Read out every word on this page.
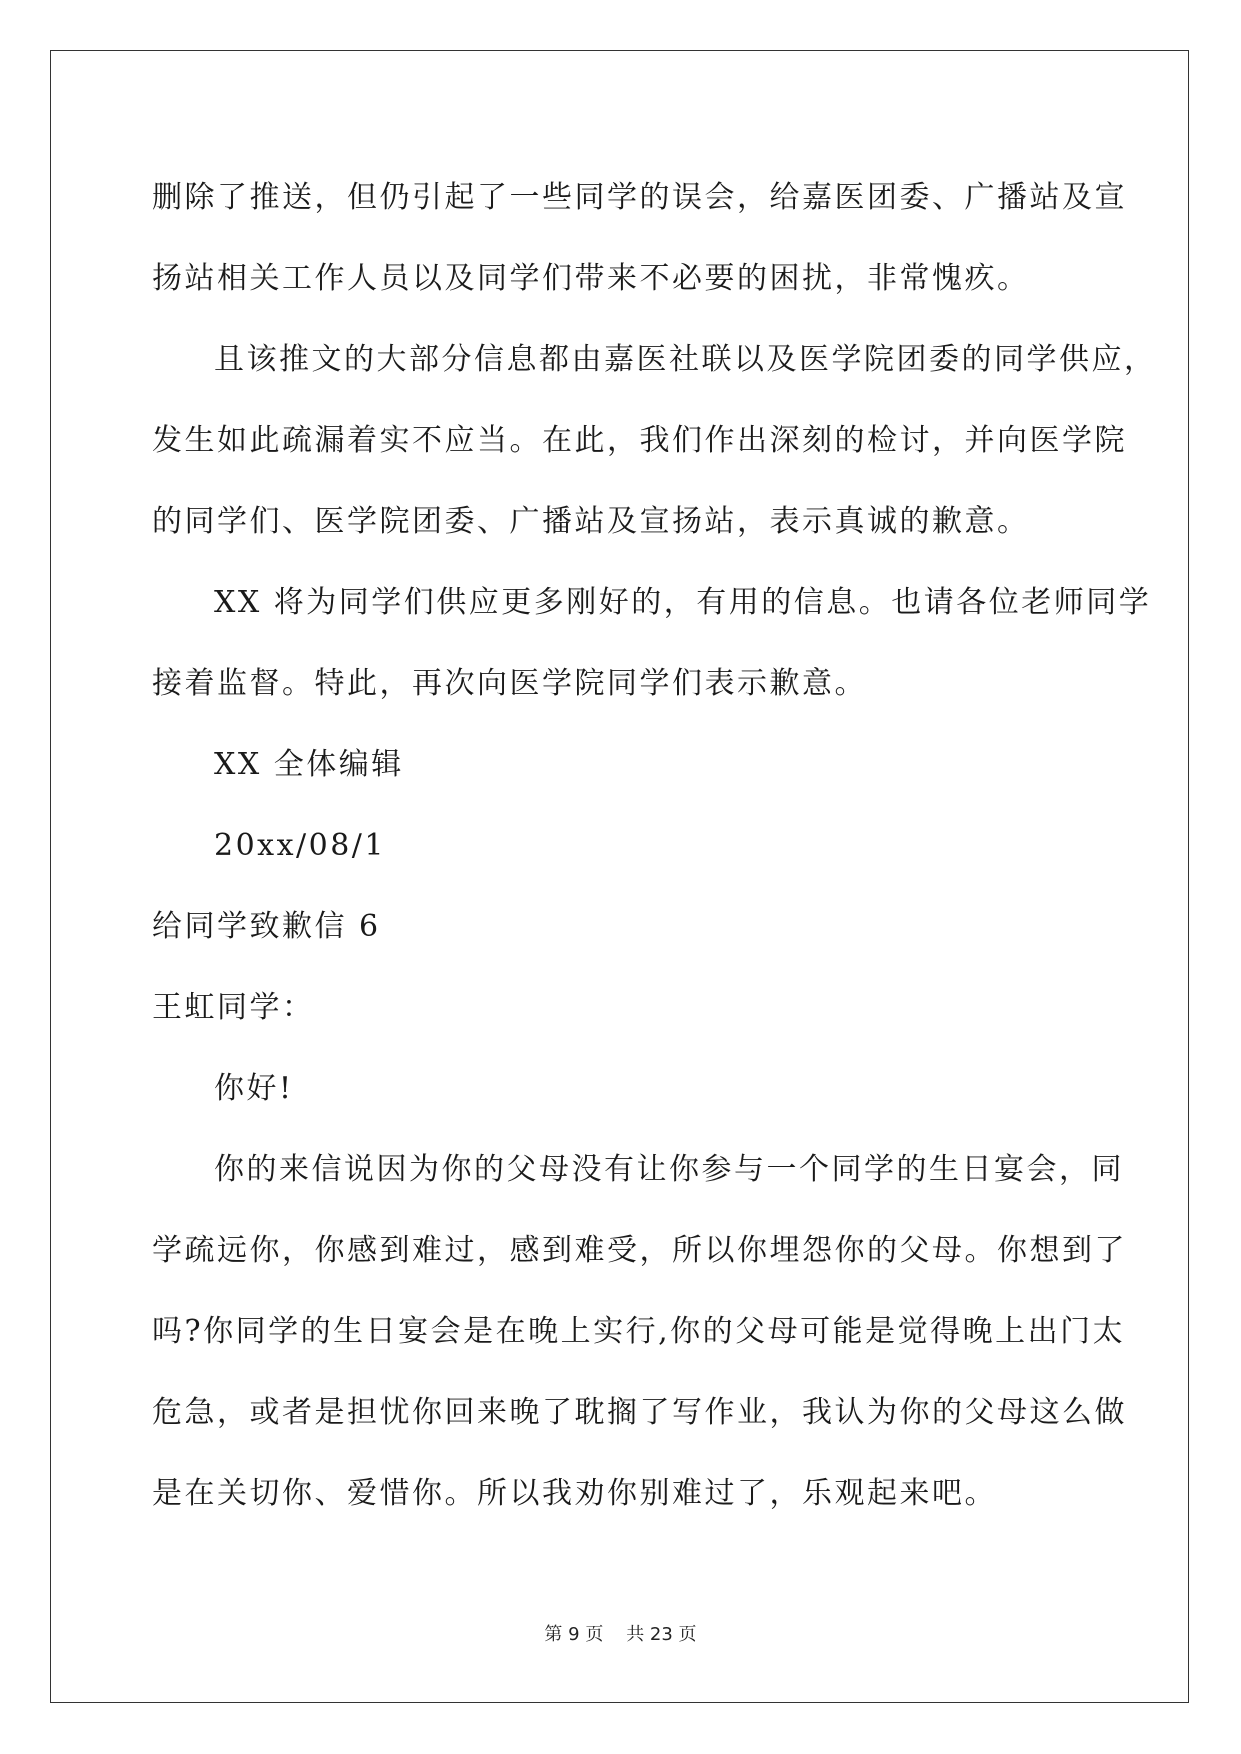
删除了推送，但仍引起了一些同学的误会，给嘉医团委、广播站及宣
扬站相关工作人员以及同学们带来不必要的困扰，非常愧疚。
且该推文的大部分信息都由嘉医社联以及医学院团委的同学供应，
发生如此疏漏着实不应当。在此，我们作出深刻的检讨，并向医学院
的同学们、医学院团委、广播站及宣扬站，表示真诚的歉意。
XX 将为同学们供应更多刚好的，有用的信息。也请各位老师同学
接着监督。特此，再次向医学院同学们表示歉意。
XX 全体编辑
20xx/08/1
给同学致歉信 6
王虹同学：
你好!
你的来信说因为你的父母没有让你参与一个同学的生日宴会，同
学疏远你，你感到难过，感到难受，所以你埋怨你的父母。你想到了
吗?你同学的生日宴会是在晚上实行,你的父母可能是觉得晚上出门太
危急，或者是担忧你回来晚了耽搁了写作业，我认为你的父母这么做
是在关切你、爱惜你。所以我劝你别难过了，乐观起来吧。
第 9 页    共 23 页
